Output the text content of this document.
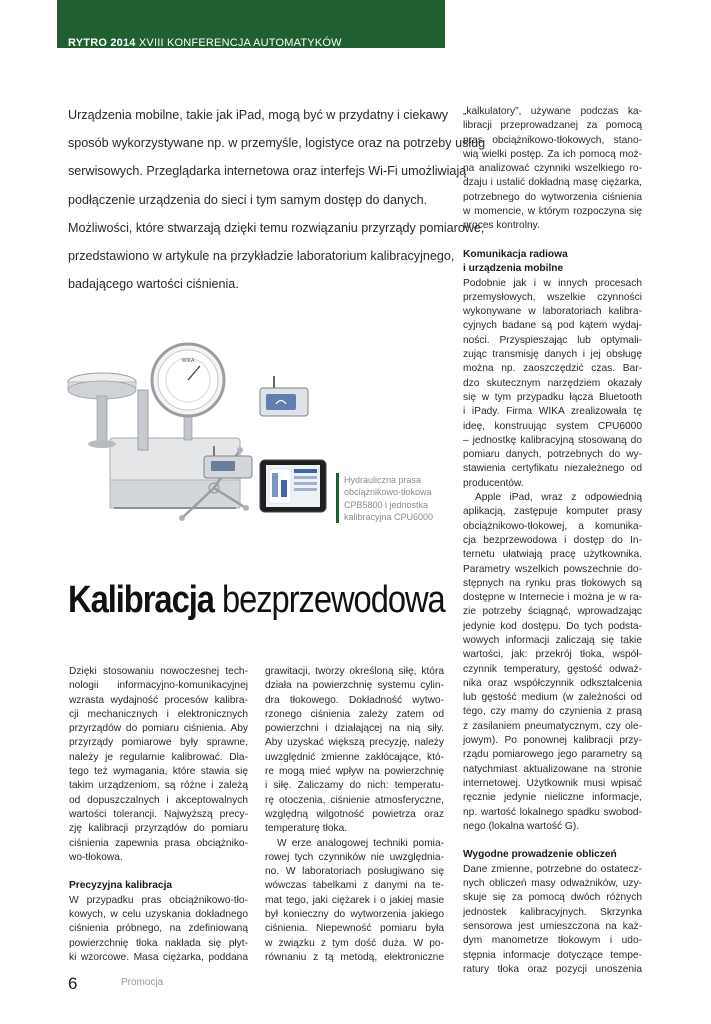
RYTRO 2014 XVIII KONFERENCJA AUTOMATYKÓW
Urządzenia mobilne, takie jak iPad, mogą być w przydatny i ciekawy
sposób wykorzystywane np. w przemyśle, logistyce oraz na potrzeby usług
serwisowych. Przeglądarka internetowa oraz interfejs Wi-Fi umożliwiają
podłączenie urządzenia do sieci i tym samym dostęp do danych.
Możliwości, które stwarzają dzięki temu rozwiązaniu przyrządy pomiarowe,
przedstawiono w artykule na przykładzie laboratorium kalibracyjnego,
badającego wartości ciśnienia.
WIKA
Hydrauliczna prasa
obciążnikowo-tłokowa
CPB5800 i jednostka
kalibracyjna CPU6000
Kalibracja bezprzewodowa
Dzięki stosowaniu nowoczesnej tech-
nologii informacyjno-komunikacyjnej
wzrasta wydajność procesów kalibra-
cji mechanicznych i elektronicznych
przyrządów do pomiaru ciśnienia. Aby
przyrządy pomiarowe były sprawne,
należy je regularnie kalibrować. Dla-
tego też wymagania, które stawia się
takim urządzeniom, są różne i zależą
od dopuszczalnych i akceptowalnych
wartości tolerancji. Najwyższą precy-
zję kalibracji przyrządów do pomiaru
ciśnienia zapewnia prasa obciążniko-
wo-tłokowa.
Precyzyjna kalibracja
W przypadku pras obciążnikowo-tło-
kowych, w celu uzyskania dokładnego
ciśnienia próbnego, na zdefiniowaną
powierzchnię tłoka nakłada się płyt-
ki wzorcowe. Masa ciężarka, poddana
grawitacji, tworzy określoną siłę, która
działa na powierzchnię systemu cylin-
dra tłokowego. Dokładność wytwo-
rzonego ciśnienia zależy zatem od
powierzchni i działającej na nią siły.
Aby uzyskać większą precyzję, należy
uwzględnić zmienne zakłócające, któ-
re mogą mieć wpływ na powierzchnię
i siłę. Zaliczamy do nich: temperatu-
rę otoczenia, ciśnienie atmosferyczne,
względną wilgotność powietrza oraz
temperaturę tłoka.
W erze analogowej techniki pomia-
rowej tych czynników nie uwzględnia-
no. W laboratoriach posługiwano się
wówczas tabelkami z danymi na te-
mat tego, jaki ciężarek i o jakiej masie
był konieczny do wytworzenia jakiego
ciśnienia. Niepewność pomiaru była
w związku z tym dość duża. W po-
równaniu z tą metodą, elektroniczne
„kalkulatory”, używane podczas ka-
libracji przeprowadzanej za pomocą
pras obciążnikowo-tłokowych, stano-
wią wielki postęp. Za ich pomocą moż-
na analizować czynniki wszelkiego ro-
dzaju i ustalić dokładną masę ciężarka,
potrzebnego do wytworzenia ciśnienia
w momencie, w którym rozpoczyna się
proces kontrolny.
Komunikacja radiowa
i urządzenia mobilne
Podobnie jak i w innych procesach
przemysłowych, wszelkie czynności
wykonywane w laboratoriach kalibra-
cyjnych badane są pod kątem wydaj-
ności. Przyspieszając lub optymali-
zując transmisję danych i jej obsługę
można np. zaoszczędzić czas. Bar-
dzo skutecznym narzędziem okazały
się w tym przypadku łącza Bluetooth
i iPady. Firma WIKA zrealizowała tę
ideę, konstruując system CPU6000
– jednostkę kalibracyjną stosowaną do
pomiaru danych, potrzebnych do wy-
stawienia certyfikatu niezależnego od
producentów.
Apple iPad, wraz z odpowiednią
aplikacją, zastępuje komputer prasy
obciążnikowo-tłokowej, a komunika-
cja bezprzewodowa i dostęp do In-
ternetu ułatwiają pracę użytkownika.
Parametry wszelkich powszechnie do-
stępnych na rynku pras tłokowych są
dostępne w Internecie i można je w ra-
zie potrzeby ściągnąć, wprowadzając
jedynie kod dostępu. Do tych podsta-
wowych informacji zaliczają się takie
wartości, jak: przekrój tłoka, współ-
czynnik temperatury, gęstość odważ-
nika oraz współczynnik odkształcenia
lub gęstość medium (w zależności od
tego, czy mamy do czynienia z prasą
z zasilaniem pneumatycznym, czy ole-
jowym). Po ponownej kalibracji przy-
rządu pomiarowego jego parametry są
natychmiast aktualizowane na stronie
internetowej. Użytkownik musi wpisać
ręcznie jedynie nieliczne informacje,
np. wartość lokalnego spadku swobod-
nego (lokalna wartość G).
Wygodne prowadzenie obliczeń
Dane zmienne, potrzebne do ostatecz-
nych obliczeń masy odważników, uzy-
skuje się za pomocą dwóch różnych
jednostek kalibracyjnych. Skrzynka
sensorowa jest umieszczona na każ-
dym manometrze tłokowym i udo-
stępnia informacje dotyczące tempe-
ratury tłoka oraz pozycji unoszenia
6	Promocja
